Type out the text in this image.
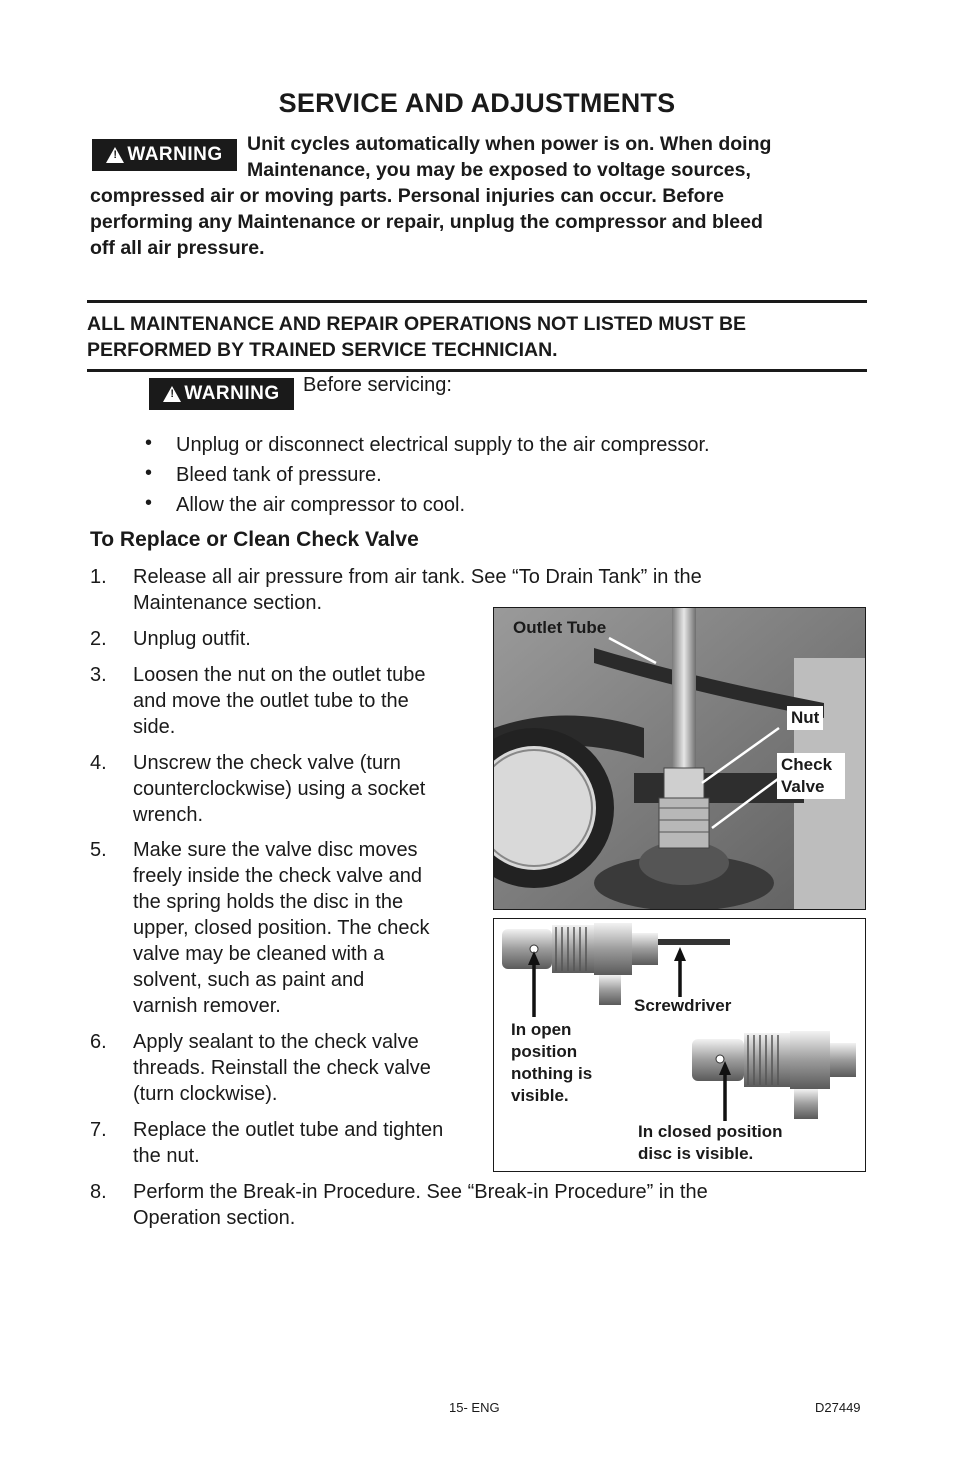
SERVICE AND ADJUSTMENTS
!
WARNING Unit cycles automatically when power is on. When doing
Maintenance, you may be exposed to voltage sources,
compressed air or moving parts. Personal injuries can occur. Before
performing any Maintenance or repair, unplug the compressor and bleed
off all air pressure.
ALL MAINTENANCE AND REPAIR OPERATIONS NOT LISTED MUST BE
PERFORMED BY TRAINED SERVICE TECHNICIAN.
!
WARNING Before servicing:
• Unplug or disconnect electrical supply to the air compressor.
• Bleed tank of pressure.
• Allow the air compressor to cool.
To Replace or Clean Check Valve
1. Release all air pressure from air tank. See “To Drain Tank” in the
Maintenance section.
2. Unplug outfit.
3. Loosen the nut on the outlet tube
and move the outlet tube to the
side.
4. Unscrew the check valve (turn
counterclockwise) using a socket
wrench.
5. Make sure the valve disc moves
freely inside the check valve and
the spring holds the disc in the
upper, closed position. The check
valve may be cleaned with a
solvent, such as paint and
varnish remover.
6. Apply sealant to the check valve
threads. Reinstall the check valve
(turn clockwise).
7. Replace the outlet tube and tighten
the nut.
8. Perform the Break-in Procedure. See “Break-in Procedure” in the
Operation section.
Outlet Tube
Nut
Check
Valve
Screwdriver
In open
position
nothing is
visible.
In closed position
disc is visible.
15- ENG	D27449
